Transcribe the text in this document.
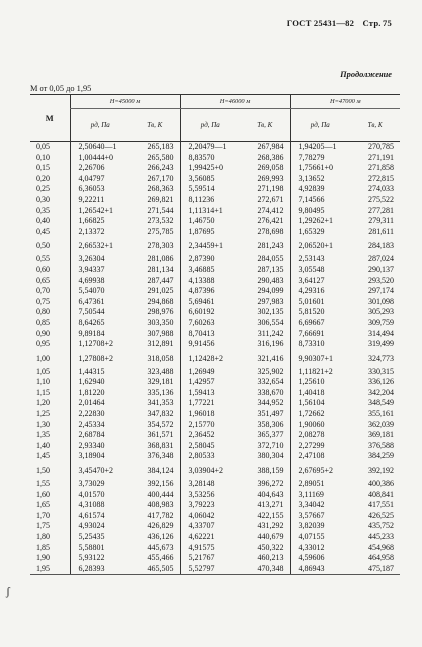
ГОСТ 25431—82 Стр. 75
Продолжение
М от 0,05 до 1,95
М	H=45000 м		H=46000 м		H=47000 м	
	pд, Па	Tв, К	pд, Па	Tв, К	pд, Па	Tв, К
0,05	2,50640—1	265,183	2,20479—1	267,984	1,94205—1	270,785
0,10	1,00444+0	265,580	8,83570	268,386	7,78279	271,191
0,15	2,26706	266,243	1,99425+0	269,058	1,75661+0	271,858
0,20	4,04797	267,170	3,56085	269,993	3,13652	272,815
0,25	6,36053	268,363	5,59514	271,198	4,92839	274,033
0,30	9,22211	269,821	8,11236	272,671	7,14566	275,522
0,35	1,26542+1	271,544	1,11314+1	274,412	9,80495	277,281
0,40	1,66825	273,532	1,46750	276,421	1,29262+1	279,311
0,45	2,13372	275,785	1,87695	278,698	1,65329	281,611
0,50	2,66532+1	278,303	2,34459+1	281,243	2,06520+1	284,183
0,55	3,26304	281,086	2,87390	284,055	2,53143	287,024
0,60	3,94337	281,134	3,46885	287,135	3,05548	290,137
0,65	4,69938	287,447	4,13388	290,483	3,64127	293,520
0,70	5,54070	291,025	4,87396	294,099	4,29316	297,174
0,75	6,47361	294,868	5,69461	297,983	5,01601	301,098
0,80	7,50544	298,976	6,60192	302,135	5,81520	305,293
0,85	8,64265	303,350	7,60263	306,554	6,69667	309,759
0,90	9,89184	307,988	8,70413	311,242	7,66691	314,494
0,95	1,12708+2	312,891	9,91456	316,196	8,73310	319,499
1,00	1,27808+2	318,058	1,12428+2	321,416	9,90307+1	324,773
1,05	1,44315	323,488	1,26949	325,902	1,11821+2	330,315
1,10	1,62940	329,181	1,42957	332,654	1,25610	336,126
1,15	1,81220	335,136	1,59413	338,670	1,40418	342,204
1,20	2,01464	341,353	1,77221	344,952	1,56104	348,549
1,25	2,22830	347,832	1,96018	351,497	1,72662	355,161
1,30	2,45334	354,572	2,15770	358,306	1,90060	362,039
1,35	2,68784	361,571	2,36452	365,377	2,08278	369,181
1,40	2,93340	368,831	2,58045	372,710	2,27299	376,588
1,45	3,18904	376,348	2,80533	380,304	2,47108	384,259
1,50	3,45470+2	384,124	3,03904+2	388,159	2,67695+2	392,192
1,55	3,73029	392,156	3,28148	396,272	2,89051	400,386
1,60	4,01570	400,444	3,53256	404,643	3,11169	408,841
1,65	4,31088	408,983	3,79223	413,271	3,34042	417,551
1,70	4,61574	417,782	4,06042	422,155	3,57667	426,525
1,75	4,93024	426,829	4,33707	431,292	3,82039	435,752
1,80	5,25435	436,126	4,62221	440,679	4,07155	445,233
1,85	5,58801	445,673	4,91575	450,322	4,33012	454,968
1,90	5,93122	455,466	5,21767	460,213	4,59606	464,958
1,95	6,28393	465,505	5,52797	470,348	4,86943	475,187
ʃ
